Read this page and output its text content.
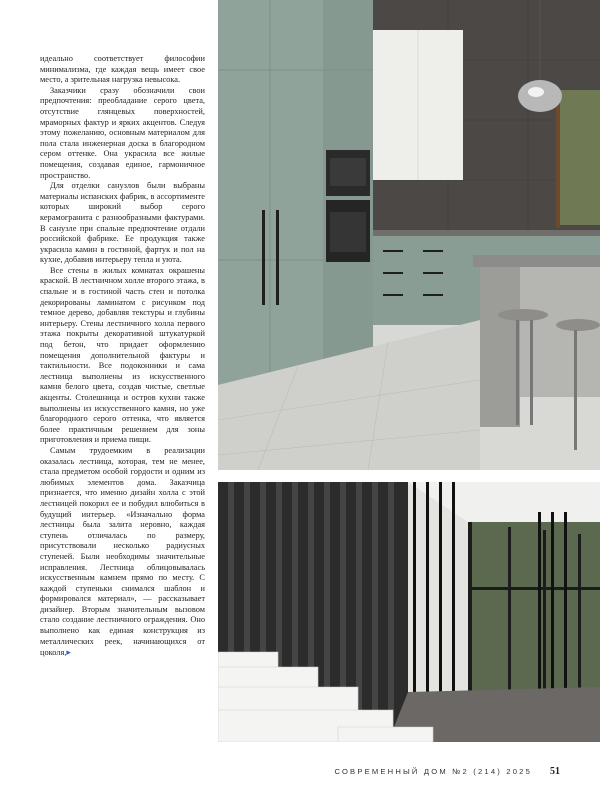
идеально соответствует философии минимализма, где каждая вещь имеет свое место, а зрительная нагрузка невысока.

Заказчики сразу обозначили свои предпочтения: преобладание серого цвета, отсутствие глянцевых поверхностей, мраморных фактур и ярких акцентов. Следуя этому пожеланию, основным материалом для пола стала инженерная доска в благородном сером оттенке. Она украсила все жилые помещения, создавая единое, гармоничное пространство.

Для отделки санузлов были выбраны материалы испанских фабрик, в ассортименте которых широкий выбор серого керамогранита с разнообразными фактурами. В санузле при спальне предпочтение отдали российской фабрике. Ее продукция также украсила камин в гостиной, фартук и пол на кухне, добавив интерьеру тепла и уюта.

Все стены в жилых комнатах окрашены краской. В лестничном холле второго этажа, в спальне и в гостиной часть стен и потолка декорированы ламинатом с рисунком под темное дерево, добавляя текстуры и глубины интерьеру. Стены лестничного холла первого этажа покрыты декоративной штукатуркой под бетон, что придает оформлению помещения дополнительной фактуры и тактильности. Все подоконники и сама лестница выполнены из искусственного камня белого цвета, создав чистые, светлые акценты. Столешница и остров кухни также выполнены из искусственного камня, но уже благородного серого оттенка, что является более практичным решением для зоны приготовления и приема пищи.

Самым трудоемким в реализации оказалась лестница, которая, тем не менее, стала предметом особой гордости и одним из любимых элементов дома. Заказчица признается, что именно дизайн холла с этой лестницей покорил ее и побудил влюбиться в будущий интерьер. «Изначально форма лестницы была залита неровно, каждая ступень отличалась по размеру, присутствовали несколько радиусных ступеней. Были необходимы значительные исправления. Лестница облицовывалась искусственным камнем прямо по месту. С каждой ступеньки снимался шаблон и формировался материал», — рассказывает дизайнер. Вторым значительным вызовом стало создание лестничного ограждения. Оно выполнено как единая конструкция из металлических реек, начинающихся от цоколя,▸

СОВРЕМЕННЫЙ ДОМ №2 (214) 2025 51
